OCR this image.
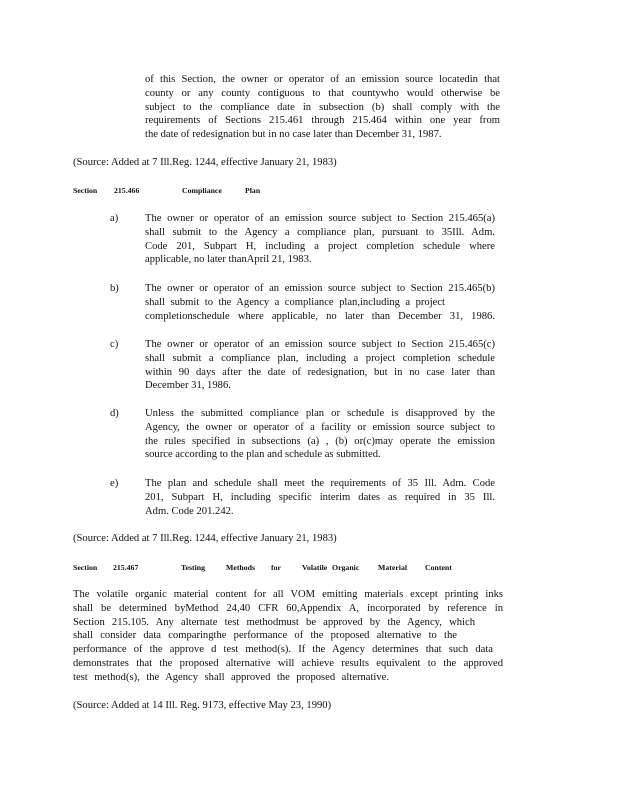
of this Section, the owner or operator of an emission source locatedin that
county or any county contiguous to that countywho would otherwise be
subject to the compliance date in subsection (b) shall comply with the
requirements of Sections 215.461 through 215.464 within one year from
the date of redesignation but in no case later than December 31, 1987.

(Source: Added at 7 Ill.Reg. 1244, effective January 21, 1983)

Section 215.466	Compliance	Plan
a)	The owner or operator of an emission source subject to Section 215.465(a)
shall submit to the Agency a compliance plan, pursuant to 35Ill. Adm.
Code 201, Subpart H, including a project completion schedule where
applicable, no later thanApril 21, 1983.
b) The owner or operator of an emission source subject to Section 215.465(b)
shall submit to the Agency a compliance plan,including a project
completionschedule where applicable, no later than December 31, 1986.
c)	The owner or operator of an emission source subject to Section 215.465(c)
shall submit a compliance plan, including a project completion schedule
within 90 days after the date of redesignation, but in no case later than
December 31, 1986.
d) Unless the submitted compliance plan or schedule is disapproved by the
Agency, the owner or operator of a facility or emission source subject to
the rules specified in subsections (a) , (b) or(c)may operate the emission
source according to the plan and schedule as submitted.
e)	The plan and schedule shall meet the requirements of 35 Ill. Adm. Code
201, Subpart H, including specific interim dates as required in 35 Ill.
Adm. Code 201.242.

(Source: Added at 7 Ill.Reg. 1244, effective January 21, 1983)

Section 215.467	Testing	Methods for	Volatile Organic Material Content
The volatile organic material content for all VOM emitting materials except printing inks
shall be determined byMethod 24,40 CFR 60,Appendix A, incorporated by reference in
Section 215.105. Any alternate test methodmust be approved by the Agency, which
shall consider data comparingthe performance of the proposed alternative to the
performance of the approve d test method(s). If the Agency determines that such data
demonstrates that the proposed alternative will achieve results equivalent to the approved
test method(s), the Agency shall approved the proposed alternative.

(Source: Added at 14 Ill. Reg. 9173, effective May 23, 1990)
